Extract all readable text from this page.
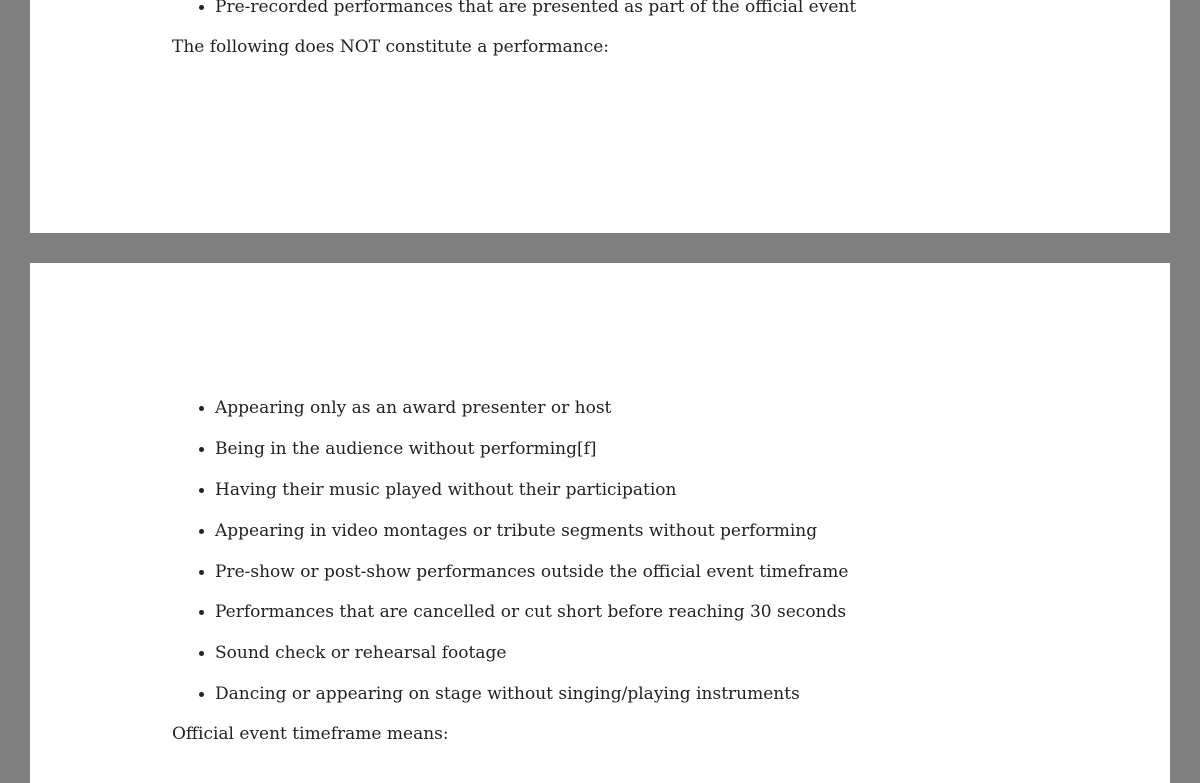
• Pre-recorded performances that are presented as part of the official event

The following does NOT constitute a performance:

• Appearing only as an award presenter or host
• Being in the audience without performing[f]
• Having their music played without their participation
• Appearing in video montages or tribute segments without performing
• Pre-show or post-show performances outside the official event timeframe
• Performances that are cancelled or cut short before reaching 30 seconds
• Sound check or rehearsal footage
• Dancing or appearing on stage without singing/playing instruments

Official event timeframe means:
